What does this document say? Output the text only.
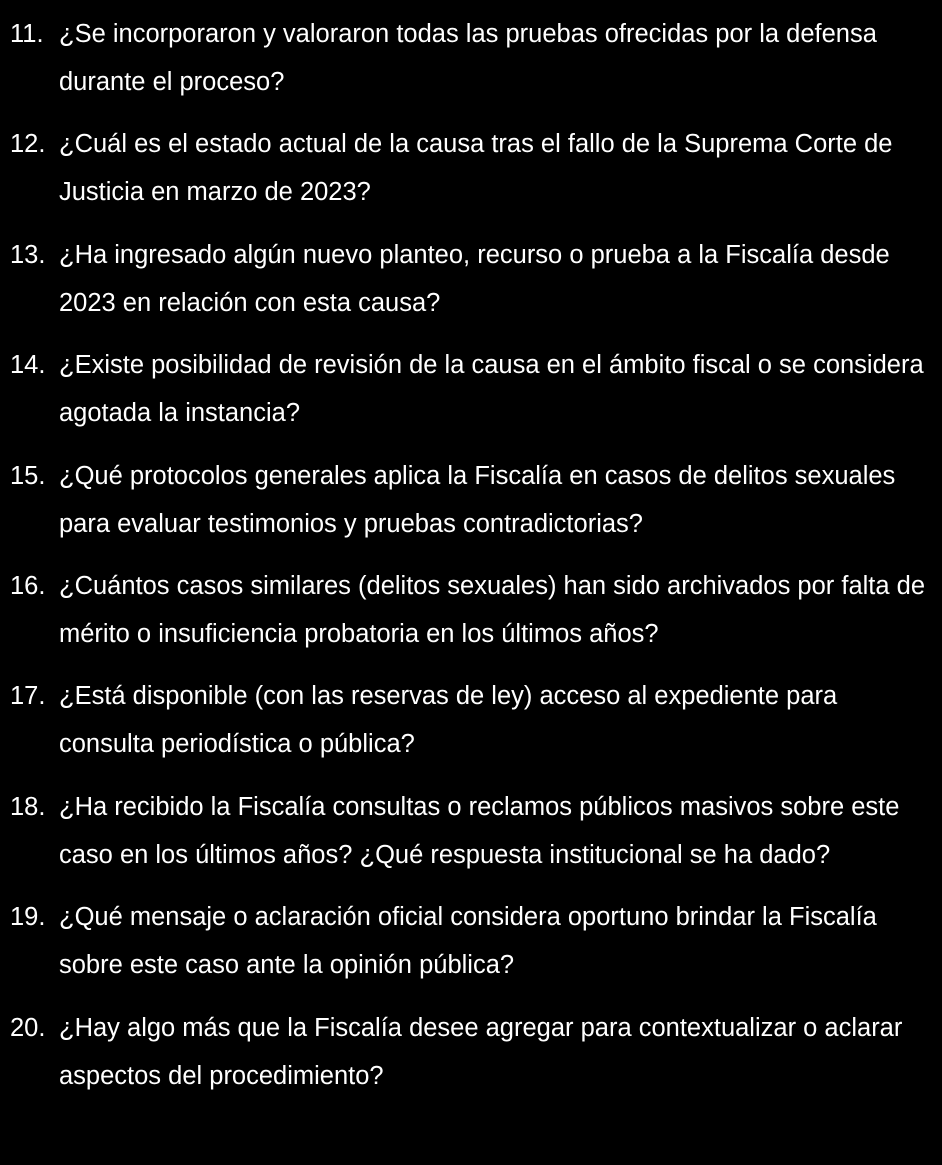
11. ¿Se incorporaron y valoraron todas las pruebas ofrecidas por la defensa durante el proceso?
12. ¿Cuál es el estado actual de la causa tras el fallo de la Suprema Corte de Justicia en marzo de 2023?
13. ¿Ha ingresado algún nuevo planteo, recurso o prueba a la Fiscalía desde 2023 en relación con esta causa?
14. ¿Existe posibilidad de revisión de la causa en el ámbito fiscal o se considera agotada la instancia?
15. ¿Qué protocolos generales aplica la Fiscalía en casos de delitos sexuales para evaluar testimonios y pruebas contradictorias?
16. ¿Cuántos casos similares (delitos sexuales) han sido archivados por falta de mérito o insuficiencia probatoria en los últimos años?
17. ¿Está disponible (con las reservas de ley) acceso al expediente para consulta periodística o pública?
18. ¿Ha recibido la Fiscalía consultas o reclamos públicos masivos sobre este caso en los últimos años? ¿Qué respuesta institucional se ha dado?
19. ¿Qué mensaje o aclaración oficial considera oportuno brindar la Fiscalía sobre este caso ante la opinión pública?
20. ¿Hay algo más que la Fiscalía desee agregar para contextualizar o aclarar aspectos del procedimiento?
